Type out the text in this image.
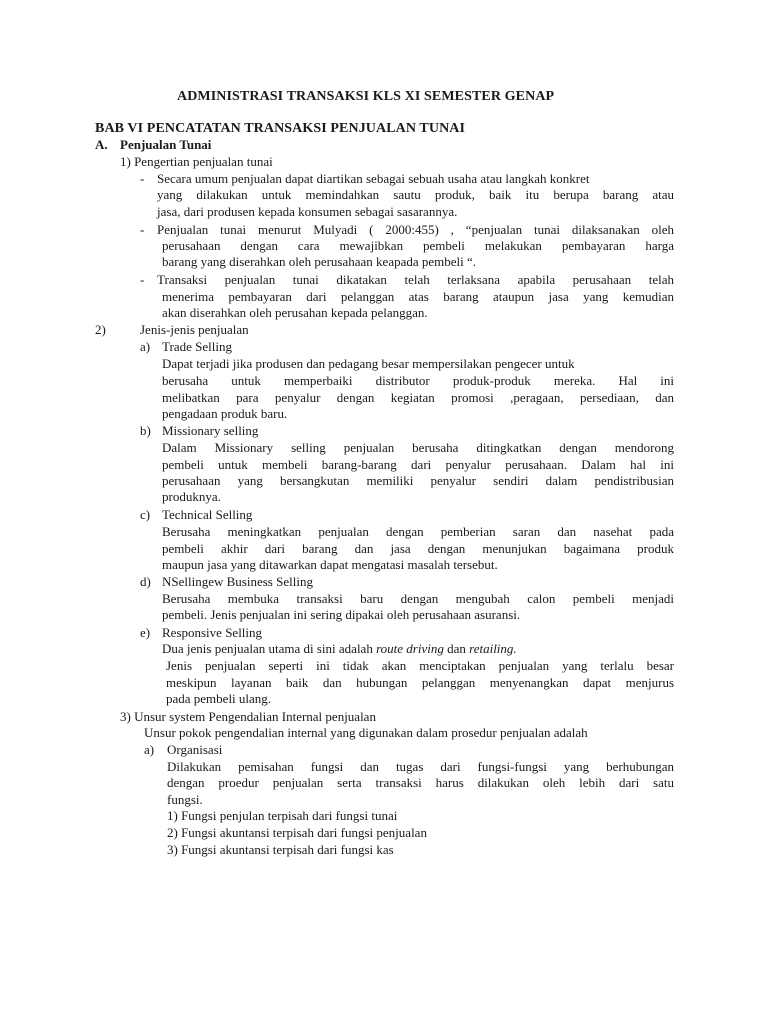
ADMINISTRASI TRANSAKSI KLS XI SEMESTER GENAP
BAB VI PENCATATAN TRANSAKSI PENJUALAN TUNAI
A. Penjualan Tunai
1) Pengertian penjualan tunai
- Secara umum penjualan dapat diartikan sebagai sebuah usaha atau langkah konkret
yang dilakukan untuk memindahkan sautu produk, baik itu berupa barang atau
jasa, dari produsen kepada konsumen sebagai sasarannya.
- Penjualan tunai menurut Mulyadi ( 2000:455) , “penjualan tunai dilaksanakan oleh
perusahaan dengan cara mewajibkan pembeli melakukan pembayaran harga
barang yang diserahkan oleh perusahaan keapada pembeli “.
- Transaksi penjualan tunai dikatakan telah terlaksana apabila perusahaan telah
menerima pembayaran dari pelanggan atas barang ataupun jasa yang kemudian
akan diserahkan oleh perusahan kepada pelanggan.
2)	Jenis-jenis penjualan
a) Trade Selling
Dapat terjadi jika produsen dan pedagang besar mempersilakan pengecer untuk
berusaha untuk memperbaiki distributor produk-produk mereka. Hal ini
melibatkan para penyalur dengan kegiatan promosi ,peragaan, persediaan, dan
pengadaan produk baru.
b) Missionary selling
Dalam Missionary selling penjualan berusaha ditingkatkan dengan mendorong
pembeli untuk membeli barang-barang dari penyalur perusahaan. Dalam hal ini
perusahaan yang bersangkutan memiliki penyalur sendiri dalam pendistribusian
produknya.
c) Technical Selling
Berusaha meningkatkan penjualan dengan pemberian saran dan nasehat pada
pembeli akhir dari barang dan jasa dengan menunjukan bagaimana produk
maupun jasa yang ditawarkan dapat mengatasi masalah tersebut.
d) NSellingew Business Selling
Berusaha membuka transaksi baru dengan mengubah calon pembeli menjadi
pembeli. Jenis penjualan ini sering dipakai oleh perusahaan asuransi.
e) Responsive Selling
Dua jenis penjualan utama di sini adalah route driving dan retailing.
Jenis penjualan seperti ini tidak akan menciptakan penjualan yang terlalu besar
meskipun layanan baik dan hubungan pelanggan menyenangkan dapat menjurus
pada pembeli ulang.
3) Unsur system Pengendalian Internal penjualan
Unsur pokok pengendalian internal yang digunakan dalam prosedur penjualan adalah
a) Organisasi
Dilakukan pemisahan fungsi dan tugas dari fungsi-fungsi yang berhubungan
dengan proedur penjualan serta transaksi harus dilakukan oleh lebih dari satu
fungsi.
1) Fungsi penjulan terpisah dari fungsi tunai
2) Fungsi akuntansi terpisah dari fungsi penjualan
3) Fungsi akuntansi terpisah dari fungsi kas
